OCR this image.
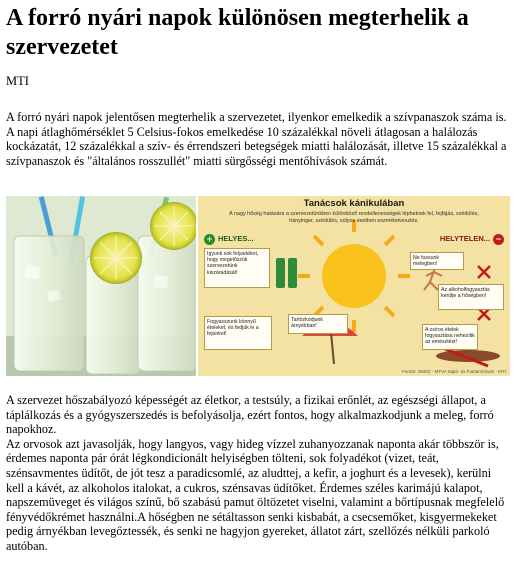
A forró nyári napok különösen megterhelik a szervezetet

MTI

A forró nyári napok jelentősen megterhelik a szervezetet, ilyenkor emelkedik a szívpanaszok száma is.

A napi átlaghőmérséklet 5 Celsius-fokos emelkedése 10 százalékkal növeli átlagosan a halálozás kockázatát, 12 százalékkal a szív- és érrendszeri betegségek miatti halálozását, illetve 15 százalékkal a szívpanaszok és "általános rosszullét" miatti sürgősségi mentőhívások számát.

Tanácsok kánikulában
A nagy hőség hatására a szervezetünkben különböző rendellenességek léphetnek fel, fejfájás, szédülés, hányinger, szédülés, súlyos esetben eszméletvesztés.
+ HELYES...	HELYTELEN... −
Igyunk sok folyadékot, hogy megelőzzük szervezetünk kiszáradását!
Fogyasszunk könnyű ételeket, és fedjük le a fejünket!
Tartózkodjunk árnyékban!
Ne fussunk melegben!
Az alkoholfogyasztás kerülje a hőségben!
A zsíros ételek fogyasztása nehezítik az emésztést!
Forrás: OMSZ · MTVA Sajtó- és Fotóarchívum · MTI

A szervezet hőszabályozó képességét az életkor, a testsúly, a fizikai erőnlét, az egészségi állapot, a táplálkozás és a gyógyszerszedés is befolyásolja, ezért fontos, hogy alkalmazkodjunk a meleg, forró napokhoz.

Az orvosok azt javasolják, hogy langyos, vagy hideg vízzel zuhanyozzanak naponta akár többször is, érdemes naponta pár órát légkondicionált helyiségben tölteni, sok folyadékot (vizet, teát, szénsavmentes üdítőt, de jót tesz a paradicsomlé, az aludttej, a kefir, a joghurt és a levesek), kerülni kell a kávét, az alkoholos italokat, a cukros, szénsavas üdítőket. Érdemes széles karimájú kalapot, napszemüveget és világos színű, bő szabású pamut öltözetet viselni, valamint a bőrtípusnak megfelelő fényvédőkrémet használni.A hőségben ne sétáltasson senki kisbabát, a csecsemőket, kisgyermekeket pedig árnyékban levegőztessék, és senki ne hagyjon gyereket, állatot zárt, szellőzés nélküli parkoló autóban.
